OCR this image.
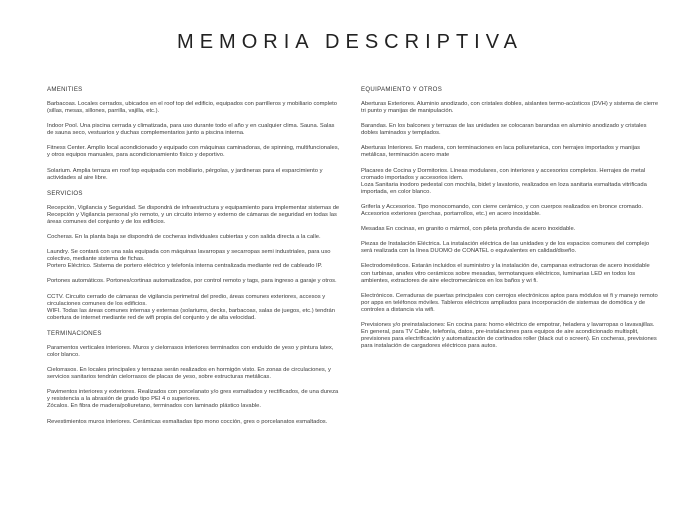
MEMORIA DESCRIPTIVA
AMENITIES
Barbacoas. Locales cerrados, ubicados en el roof top del edificio, equipados con parrilleros y mobiliario completo (sillas, mesas, sillones, parrilla, vajilla, etc.).
Indoor Pool. Una piscina cerrada y climatizada, para uso durante todo el año y en cualquier clima. Sauna. Salas de sauna seco, vestuarios y duchas complementarios junto a piscina interna.
Fitness Center. Amplio local acondicionado y equipado con máquinas caminadoras, de spinning, multifuncionales, y otros equipos manuales, para acondicionamiento físico y deportivo.
Solarium. Amplia terraza en roof top equipada con mobiliario, pérgolas, y jardineras para el esparcimiento y actividades al aire libre.
SERVICIOS
Recepción, Vigilancia y Seguridad. Se dispondrá de infraestructura y equipamiento para implementar sistemas de Recepción y Vigilancia personal y/o remoto, y un circuito interno y externo de cámaras de seguridad en todas las áreas comunes del conjunto y de los edificios.
Cocheras. En la planta baja se dispondrá de cocheras individuales cubiertas y con salida directa a la calle.
Laundry. Se contará con una sala equipada con máquinas lavarropas y secarropas semi industriales, para uso colectivo, mediante sistema de fichas.
Portero Eléctrico. Sistema de portero eléctrico y telefonía interna centralizada mediante red de cableado IP.
Portones automáticos. Portones/cortinas automatizados, por control remoto y tags, para ingreso a garaje y otros.
CCTV. Circuito cerrado de cámaras de vigilancia perimetral del predio, áreas comunes exteriores, accesos y circulaciones comunes de los edificios.
WIFI. Todas las áreas comunes internas y externas (solariums, decks, barbacoas, salas de juegos, etc.) tendrán cobertura de internet mediante red de wifi propia del conjunto y de alta velocidad.
TERMINACIONES
Paramentos verticales interiores. Muros y cielorrasos interiores terminados con enduido de yeso y pintura latex, color blanco.
Cielorrasos. En locales principales y terrazas serán realizados en hormigón visto. En zonas de circulaciones, y servicios sanitarios tendrán cielorrasos de placas de yeso, sobre estructuras metálicas.
Pavimentos interiores y exteriores. Realizados con porcelanato y/o gres esmaltados y rectificados, de una dureza y resistencia a la abrasión de grado tipo PEI 4 o superiores.
Zócalos. En fibra de madera/poliuretano, terminados con laminado plástico lavable.
Revestimientos muros interiores. Cerámicas esmaltadas tipo mono cocción, gres o porcelanatos esmaltados.
EQUIPAMIENTO Y OTROS
Aberturas Exteriores. Aluminio anodizado, con cristales dobles, aislantes termo-acústicos (DVH) y sistema de cierre tri punto y manijas de manipulación.
Barandas. En los balcones y terrazas de las unidades se colocaran barandas en aluminio anodizado y cristales dobles laminados y templados.
Aberturas Interiores. En madera, con terminaciones en laca poliuretanica, con herrajes importados y manijas metálicas, terminación acero mate
Placares de Cocina y Dormitorios. Líneas modulares, con interiores y accesorios completos. Herrajes de metal cromado importados y accesorios idem.
Loza Sanitaria inodoro pedestal con mochila, bidet y lavatorio, realizados en loza sanitaria esmaltada vitrificada importada, en color blanco.
Grifería y Accesorios. Tipo monocomando, con cierre cerámico, y con cuerpos realizados en bronce cromado. Accesorios exteriores (perchas, portarrollos, etc.) en acero inoxidable.
Mesadas En cocinas, en granito o mármol, con pileta profunda de acero inoxidable.
Piezas de Instalación Eléctrica. La instalación eléctrica de las unidades y de los espacios comunes del complejo será realizada con la línea DUOMO de CONATEL o equivalentes en calidad/diseño.
Electrodomésticos. Estarán incluidos el suministro y la instalación de, campanas extractoras de acero inoxidable con turbinas, anafes vitro cerámicos sobre mesadas, termotanques eléctricos, luminarias LED en todos los ambientes, extractores de aire electromecánicos en los baños y wi fi.
Electrónicos. Cerraduras de puertas principales con cerrojos electrónicos aptos para módulos wi fi y manejo remoto por apps en teléfonos móviles. Tableros eléctricos ampliados para incorporación de sistemas de domótica y de controles a distancia vía wifi.
Previsiones y/o preinstalaciones: En cocina para: horno eléctrico de empotrar, heladera y lavarropas o lavavajillas. En general, para TV Cable, telefonía, datos, pre-instalaciones para equipos de aire acondicionado multisplit, previsiones para electrificación y automatización de cortinados roller (black out o screen). En cocheras, previsiones para instalación de cargadores eléctricos para autos.
